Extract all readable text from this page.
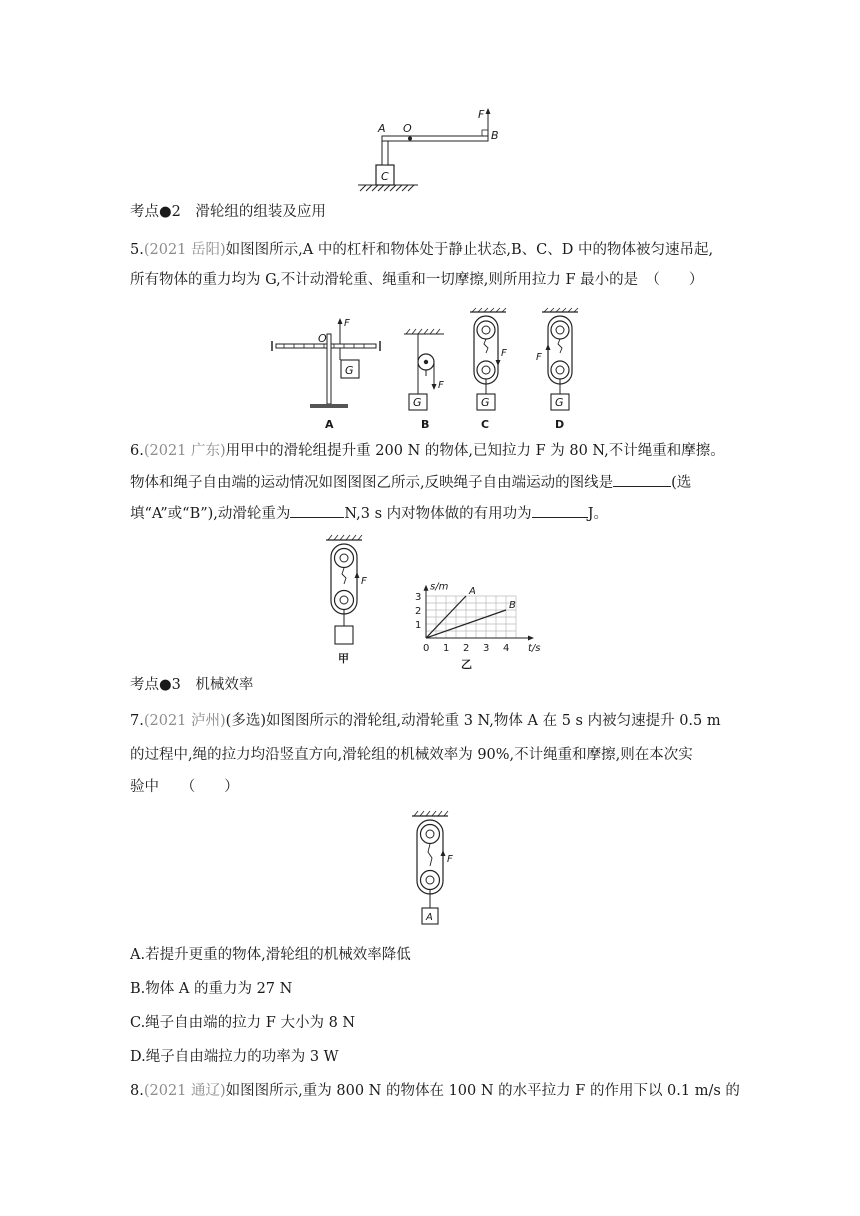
C
F
A O
B
考点●2　滑轮组的组装及应用
5.(2021 岳阳)如图图所示,A 中的杠杆和物体处于静止状态,B、C、D 中的物体被匀速吊起,
所有物体的重力均为 G,不计动滑轮重、绳重和一切摩擦,则所用拉力 F 最小的是　（　　）
G
O
F
A
G
F
B
G
F
C
G
F
D
6.(2021 广东)用甲中的滑轮组提升重 200 N 的物体,已知拉力 F 为 80 N,不计绳重和摩擦。
物体和绳子自由端的运动情况如图图图乙所示,反映绳子自由端运动的图线是	(选
填“A”或“B”),动滑轮重为	N,3 s 内对物体做的有用功为	J。
F
甲
0 1 2 3 4
1
2
3
s/m
t/s
A
B
乙
考点●3　机械效率
7.(2021 泸州)(多选)如图图所示的滑轮组,动滑轮重 3 N,物体 A 在 5 s 内被匀速提升 0.5 m
的过程中,绳的拉力均沿竖直方向,滑轮组的机械效率为 90%,不计绳重和摩擦,则在本次实
验中　　（　　）
F
A
A.若提升更重的物体,滑轮组的机械效率降低
B.物体 A 的重力为 27 N
C.绳子自由端的拉力 F 大小为 8 N
D.绳子自由端拉力的功率为 3 W
8.(2021 通辽)如图图所示,重为 800 N 的物体在 100 N 的水平拉力 F 的作用下以 0.1 m/s 的
